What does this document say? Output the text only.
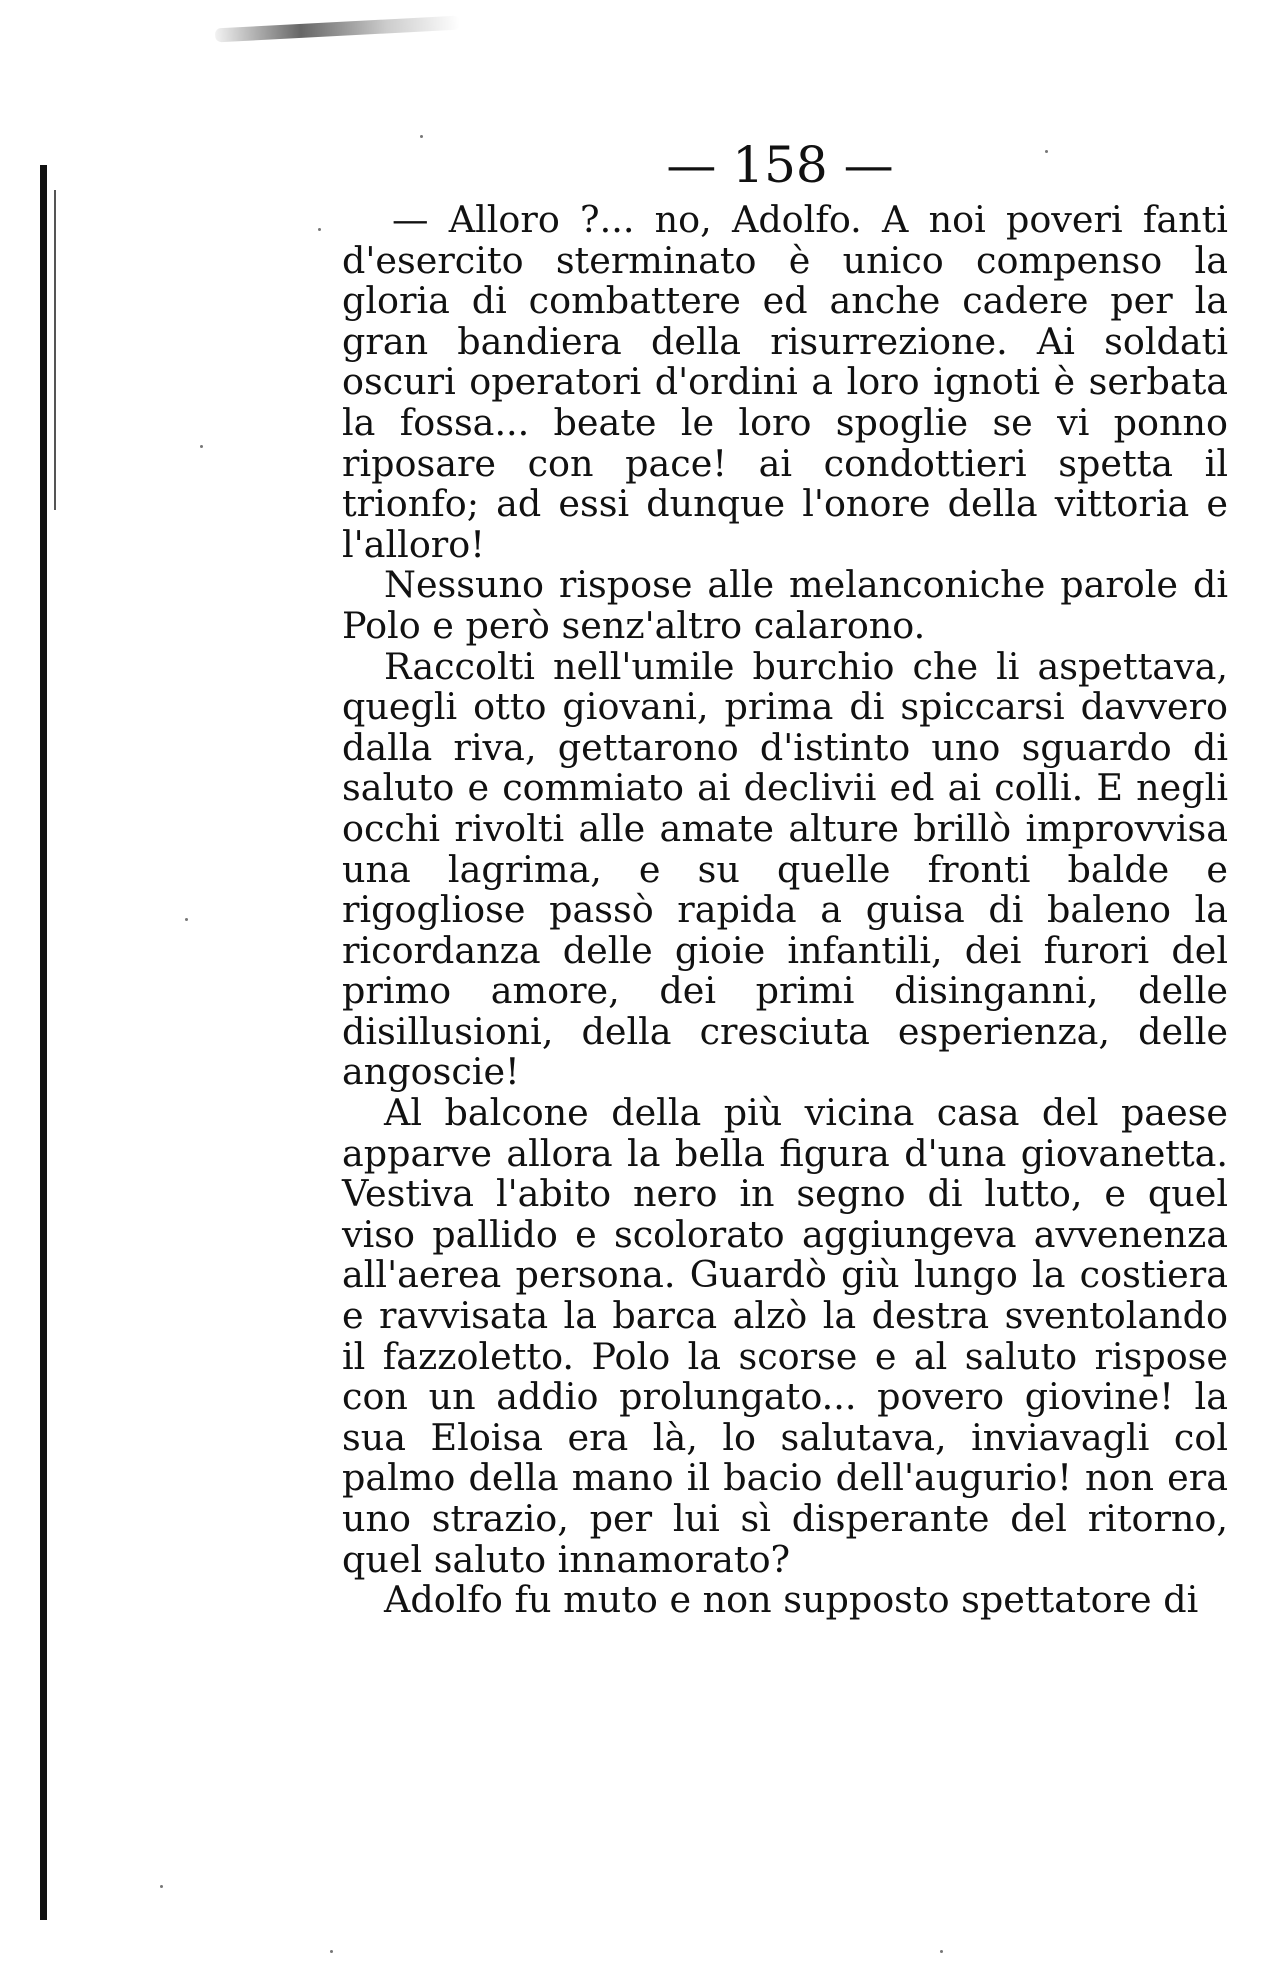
— 158 —

— Alloro ?... no, Adolfo. A noi poveri fanti d'esercito sterminato è unico compenso la gloria di combattere ed anche cadere per la gran bandiera della risurrezione. Ai soldati oscuri operatori d'ordini a loro ignoti è serbata la fossa... beate le loro spoglie se vi ponno riposare con pace! ai condottieri spetta il trionfo; ad essi dunque l'onore della vittoria e l'alloro!

Nessuno rispose alle melanconiche parole di Polo e però senz'altro calarono.

Raccolti nell'umile burchio che li aspettava, quegli otto giovani, prima di spiccarsi davvero dalla riva, gettarono d'istinto uno sguardo di saluto e commiato ai declivii ed ai colli. E negli occhi rivolti alle amate alture brillò improvvisa una lagrima, e su quelle fronti balde e rigogliose passò rapida a guisa di baleno la ricordanza delle gioie infantili, dei furori del primo amore, dei primi disinganni, delle disillusioni, della cresciuta esperienza, delle angoscie!

Al balcone della più vicina casa del paese apparve allora la bella figura d'una giovanetta. Vestiva l'abito nero in segno di lutto, e quel viso pallido e scolorato aggiungeva avvenenza all'aerea persona. Guardò giù lungo la costiera e ravvisata la barca alzò la destra sventolando il fazzoletto. Polo la scorse e al saluto rispose con un addio prolungato... povero giovine! la sua Eloisa era là, lo salutava, inviavagli col palmo della mano il bacio dell'augurio! non era uno strazio, per lui sì disperante del ritorno, quel saluto innamorato?

Adolfo fu muto e non supposto spettatore di
